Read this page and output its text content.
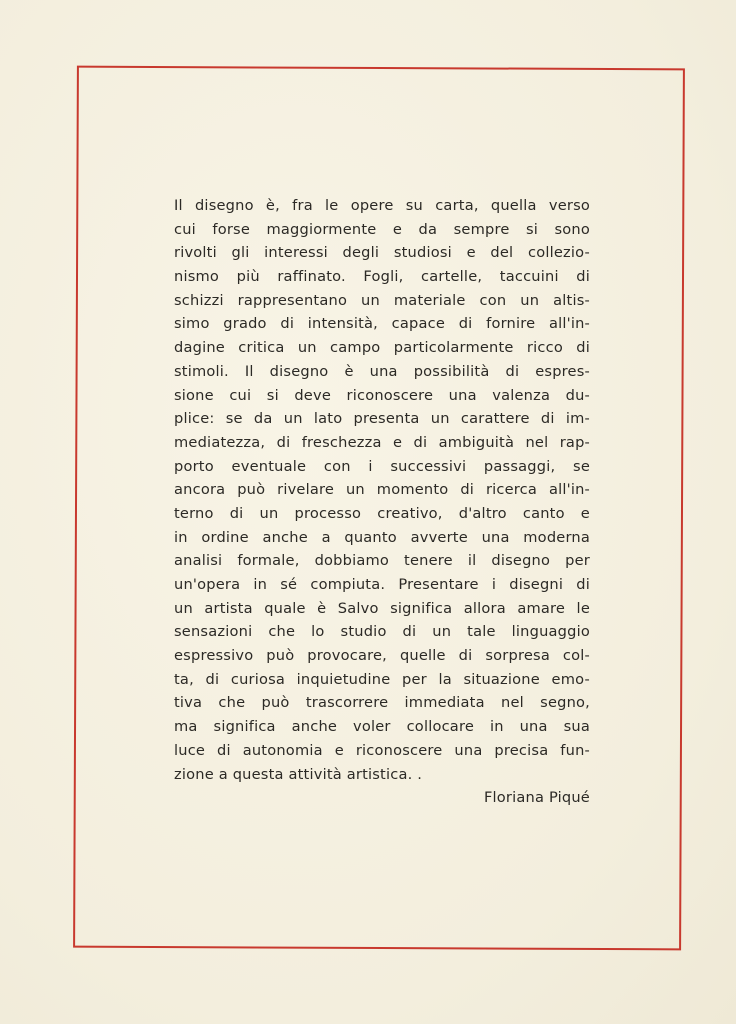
Il disegno è, fra le opere su carta, quella verso
cui forse maggiormente e da sempre si sono
rivolti gli interessi degli studiosi e del collezio-
nismo più raffinato. Fogli, cartelle, taccuini di
schizzi rappresentano un materiale con un altis-
simo grado di intensità, capace di fornire all'in-
dagine critica un campo particolarmente ricco di
stimoli. Il disegno è una possibilità di espres-
sione cui si deve riconoscere una valenza du-
plice: se da un lato presenta un carattere di im-
mediatezza, di freschezza e di ambiguità nel rap-
porto eventuale con i successivi passaggi, se
ancora può rivelare un momento di ricerca all'in-
terno di un processo creativo, d'altro canto e
in ordine anche a quanto avverte una moderna
analisi formale, dobbiamo tenere il disegno per
un'opera in sé compiuta. Presentare i disegni di
un artista quale è Salvo significa allora amare le
sensazioni che lo studio di un tale linguaggio
espressivo può provocare, quelle di sorpresa col-
ta, di curiosa inquietudine per la situazione emo-
tiva che può trascorrere immediata nel segno,
ma significa anche voler collocare in una sua
luce di autonomia e riconoscere una precisa fun-
zione a questa attività artistica. .
Floriana Piqué
